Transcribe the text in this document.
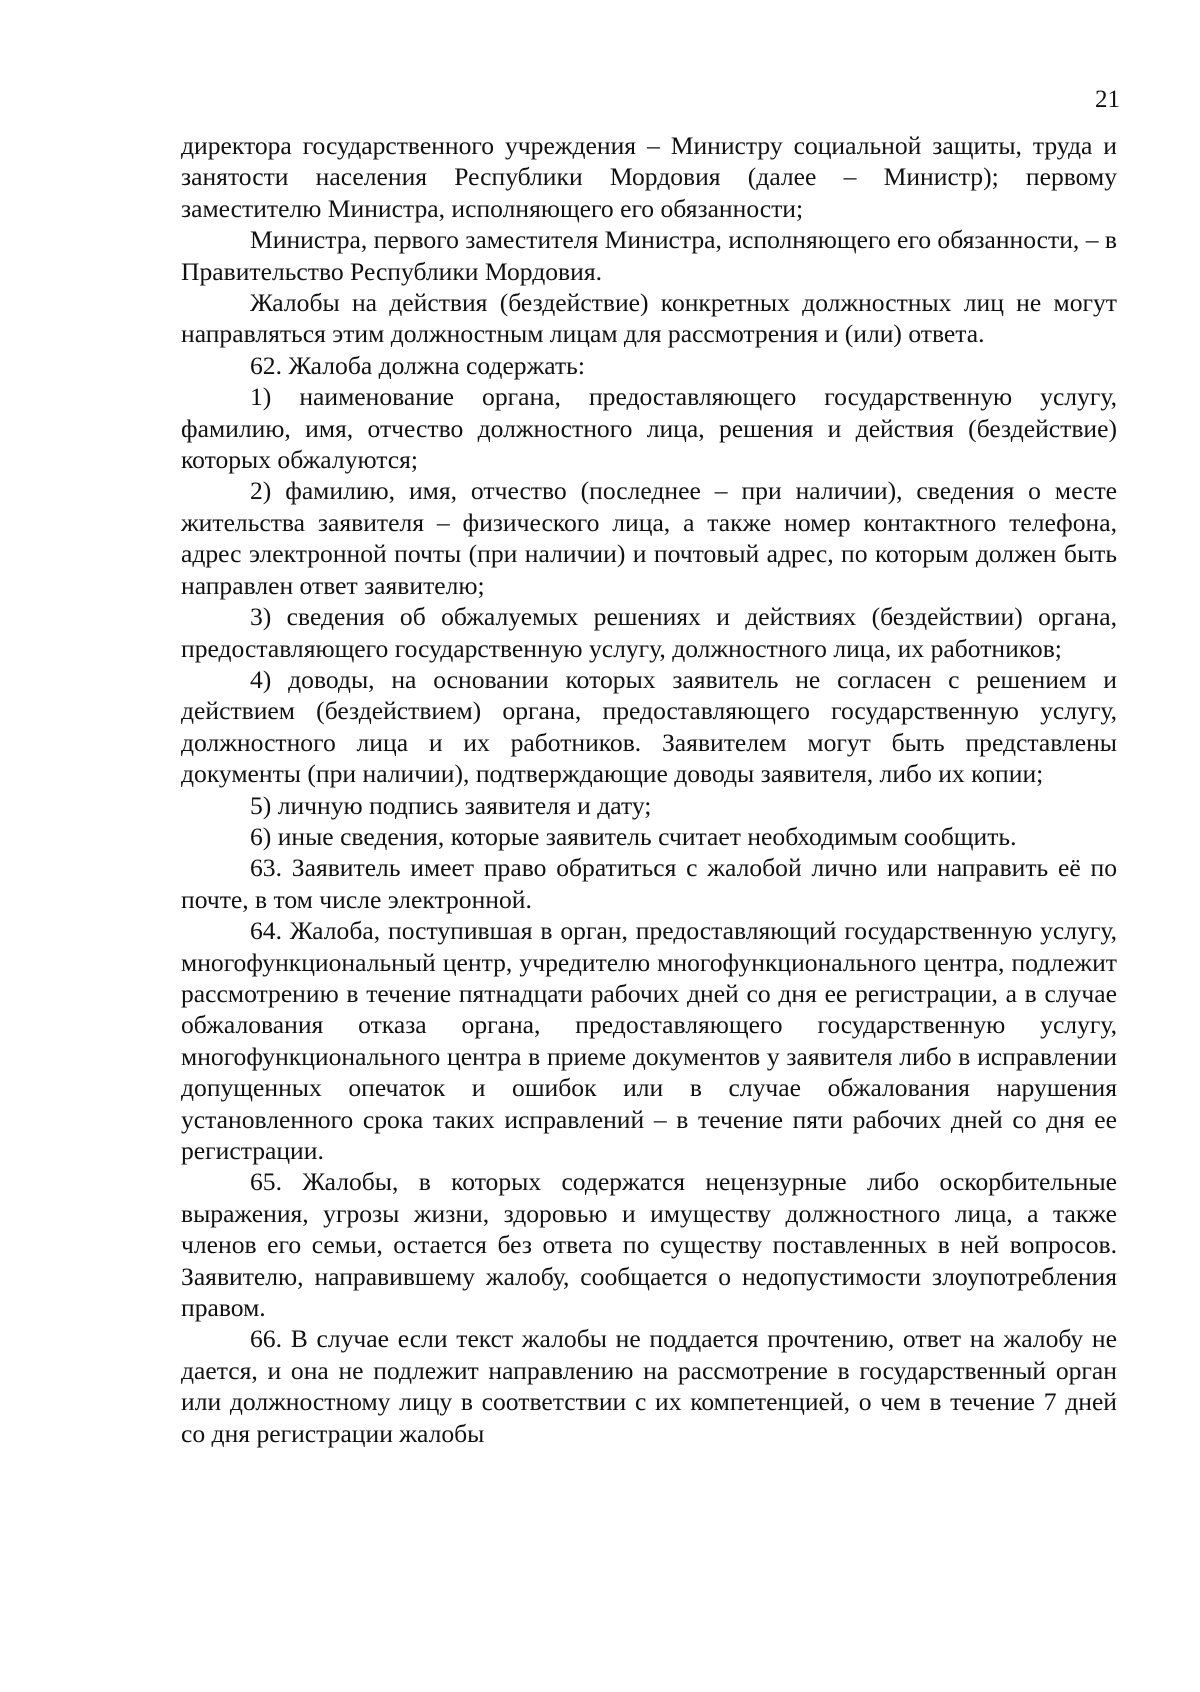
21

директора государственного учреждения – Министру социальной защиты, труда и занятости населения Республики Мордовия (далее – Министр); первому заместителю Министра, исполняющего его обязанности;

Министра, первого заместителя Министра, исполняющего его обязанности, – в Правительство Республики Мордовия.

Жалобы на действия (бездействие) конкретных должностных лиц не могут направляться этим должностным лицам для рассмотрения и (или) ответа.

62. Жалоба должна содержать:

1) наименование органа, предоставляющего государственную услугу, фамилию, имя, отчество должностного лица, решения и действия (бездействие) которых обжалуются;

2) фамилию, имя, отчество (последнее – при наличии), сведения о месте жительства заявителя – физического лица, а также номер контактного телефона, адрес электронной почты (при наличии) и почтовый адрес, по которым должен быть направлен ответ заявителю;

3) сведения об обжалуемых решениях и действиях (бездействии) органа, предоставляющего государственную услугу, должностного лица, их работников;

4) доводы, на основании которых заявитель не согласен с решением и действием (бездействием) органа, предоставляющего государственную услугу, должностного лица и их работников. Заявителем могут быть представлены документы (при наличии), подтверждающие доводы заявителя, либо их копии;

5) личную подпись заявителя и дату;

6) иные сведения, которые заявитель считает необходимым сообщить.

63. Заявитель имеет право обратиться с жалобой лично или направить её по почте, в том числе электронной.

64. Жалоба, поступившая в орган, предоставляющий государственную услугу, многофункциональный центр, учредителю многофункционального центра, подлежит рассмотрению в течение пятнадцати рабочих дней со дня ее регистрации, а в случае обжалования отказа органа, предоставляющего государственную услугу, многофункционального центра в приеме документов у заявителя либо в исправлении допущенных опечаток и ошибок или в случае обжалования нарушения установленного срока таких исправлений – в течение пяти рабочих дней со дня ее регистрации.

65. Жалобы, в которых содержатся нецензурные либо оскорбительные выражения, угрозы жизни, здоровью и имуществу должностного лица, а также членов его семьи, остается без ответа по существу поставленных в ней вопросов. Заявителю, направившему жалобу, сообщается о недопустимости злоупотребления правом.

66. В случае если текст жалобы не поддается прочтению, ответ на жалобу не дается, и она не подлежит направлению на рассмотрение в государственный орган или должностному лицу в соответствии с их компетенцией, о чем в течение 7 дней со дня регистрации жалобы
